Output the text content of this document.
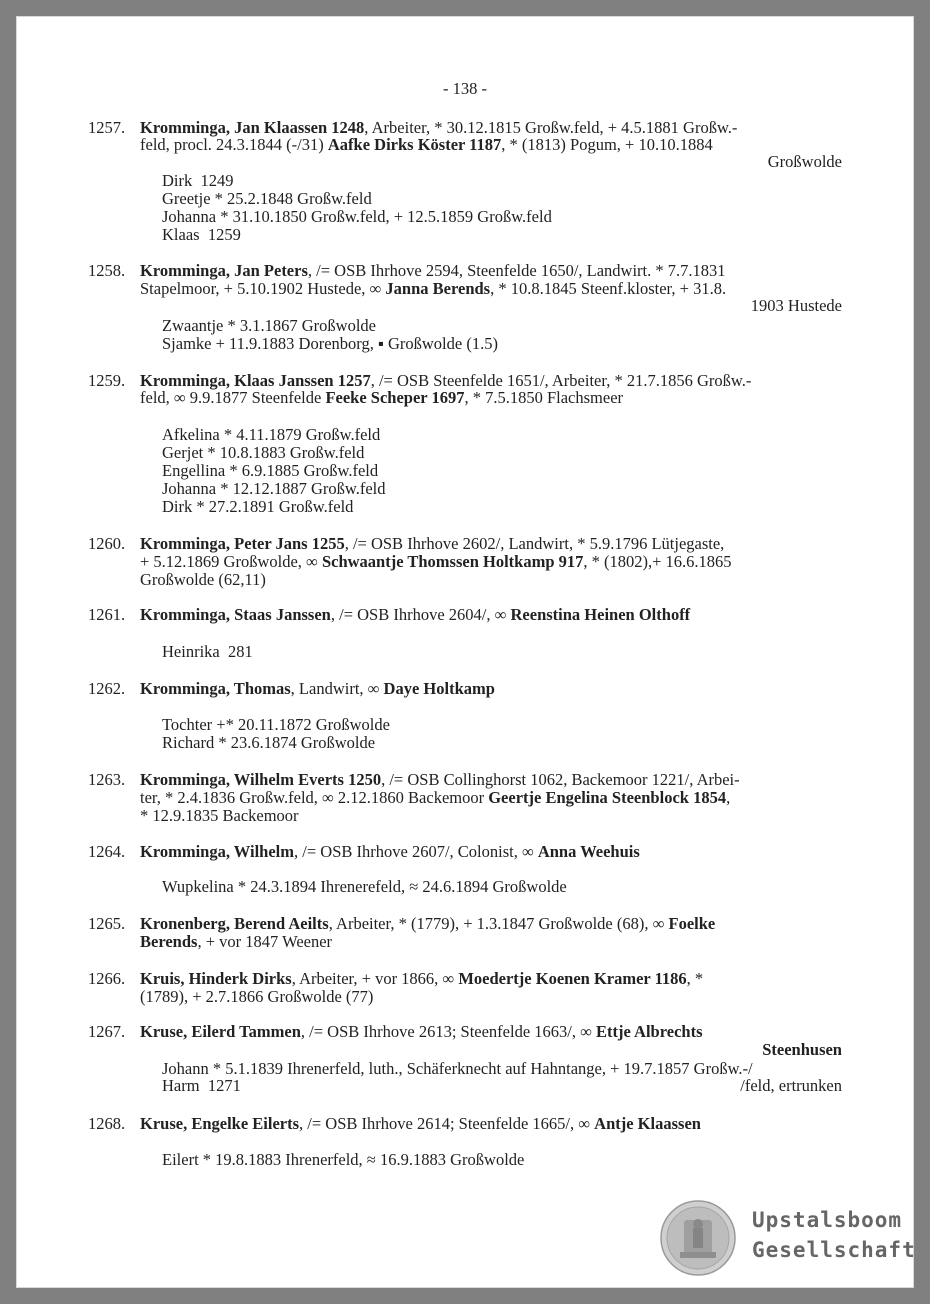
- 138 -
1257. Kromminga, Jan Klaassen 1248, Arbeiter, * 30.12.1815 Großw.feld, + 4.5.1881 Großw.-
feld, procl. 24.3.1844 (-/31) Aafke Dirks Köster 1187, * (1813) Pogum, + 10.10.1884
Großwolde
Dirk  1249
Greetje * 25.2.1848 Großw.feld
Johanna * 31.10.1850 Großw.feld, + 12.5.1859 Großw.feld
Klaas  1259
1258. Kromminga, Jan Peters, /= OSB Ihrhove 2594, Steenfelde 1650/, Landwirt. * 7.7.1831
Stapelmoor, + 5.10.1902 Hustede, ∞ Janna Berends, * 10.8.1845 Steenf.kloster, + 31.8.
1903 Hustede
Zwaantje * 3.1.1867 Großwolde
Sjamke + 11.9.1883 Dorenborg, ▪ Großwolde (1.5)
1259. Kromminga, Klaas Janssen 1257, /= OSB Steenfelde 1651/, Arbeiter, * 21.7.1856 Großw.-
feld, ∞ 9.9.1877 Steenfelde Feeke Scheper 1697, * 7.5.1850 Flachsmeer
Afkelina * 4.11.1879 Großw.feld
Gerjet * 10.8.1883 Großw.feld
Engellina * 6.9.1885 Großw.feld
Johanna * 12.12.1887 Großw.feld
Dirk * 27.2.1891 Großw.feld
1260. Kromminga, Peter Jans 1255, /= OSB Ihrhove 2602/, Landwirt, * 5.9.1796 Lütjegaste,
+ 5.12.1869 Großwolde, ∞ Schwaantje Thomssen Holtkamp 917, * (1802),+ 16.6.1865
Großwolde (62,11)
1261. Kromminga, Staas Janssen, /= OSB Ihrhove 2604/, ∞ Reenstina Heinen Olthoff
Heinrika  281
1262. Kromminga, Thomas, Landwirt, ∞ Daye Holtkamp
Tochter +* 20.11.1872 Großwolde
Richard * 23.6.1874 Großwolde
1263. Kromminga, Wilhelm Everts 1250, /= OSB Collinghorst 1062, Backemoor 1221/, Arbei-
ter, * 2.4.1836 Großw.feld, ∞ 2.12.1860 Backemoor Geertje Engelina Steenblock 1854,
* 12.9.1835 Backemoor
1264. Kromminga, Wilhelm, /= OSB Ihrhove 2607/, Colonist, ∞ Anna Weehuis
Wupkelina * 24.3.1894 Ihrenerefeld, ≈ 24.6.1894 Großwolde
1265. Kronenberg, Berend Aeilts, Arbeiter, * (1779), + 1.3.1847 Großwolde (68), ∞ Foelke
Berends, + vor 1847 Weener
1266. Kruis, Hinderk Dirks, Arbeiter, + vor 1866, ∞ Moedertje Koenen Kramer 1186, *
(1789), + 2.7.1866 Großwolde (77)
1267. Kruse, Eilerd Tammen, /= OSB Ihrhove 2613; Steenfelde 1663/, ∞ Ettje Albrechts
Steenhusen
Johann * 5.1.1839 Ihrenerfeld, luth., Schäferknecht auf Hahntange, + 19.7.1857 Großw.-/
Harm  1271	/feld, ertrunken
1268. Kruse, Engelke Eilerts, /= OSB Ihrhove 2614; Steenfelde 1665/, ∞ Antje Klaassen
Eilert * 19.8.1883 Ihrenerfeld, ≈ 16.9.1883 Großwolde
Upstalsboom
Gesellschaft
